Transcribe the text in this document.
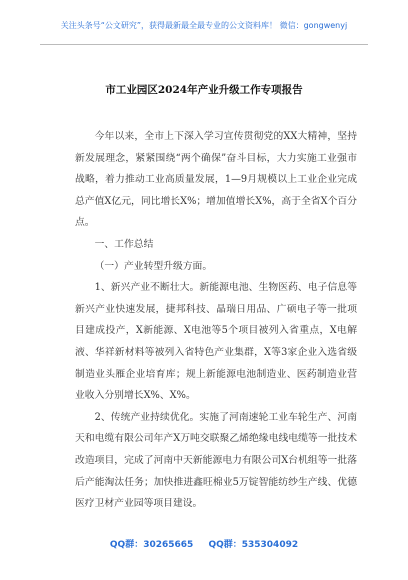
关注头条号“公文研究”，获得最新最全最专业的公文资料库！ 微信：gongwenyj
市工业园区2024年产业升级工作专项报告

今年以来，全市上下深入学习宣传贯彻党的XX大精神，坚持新发展理念，紧紧围绕“两个确保”奋斗目标，大力实施工业强市战略，着力推动工业高质量发展，1—9月规模以上工业企业完成总产值X亿元，同比增长X%；增加值增长X%，高于全省X个百分点。

一、工作总结

（一）产业转型升级方面。

1、新兴产业不断壮大。新能源电池、生物医药、电子信息等新兴产业快速发展，捷邦科技、晶瑞日用品、广硕电子等一批项目建成投产，X新能源、X电池等5个项目被列入省重点，X电解液、华祥新材料等被列入省特色产业集群，X等3家企业入选省级制造业头雁企业培育库；规上新能源电池制造业、医药制造业营业收入分别增长X%、X%。

2、传统产业持续优化。实施了河南速轮工业车轮生产、河南天和电缆有限公司年产X万吨交联聚乙烯绝缘电线电缆等一批技术改造项目，完成了河南中天新能源电力有限公司X台机组等一批落后产能淘汰任务；加快推进鑫旺棉业5万锭智能纺纱生产线、优德医疗卫材产业园等项目建设。

QQ群：30265665 QQ群：535304092
